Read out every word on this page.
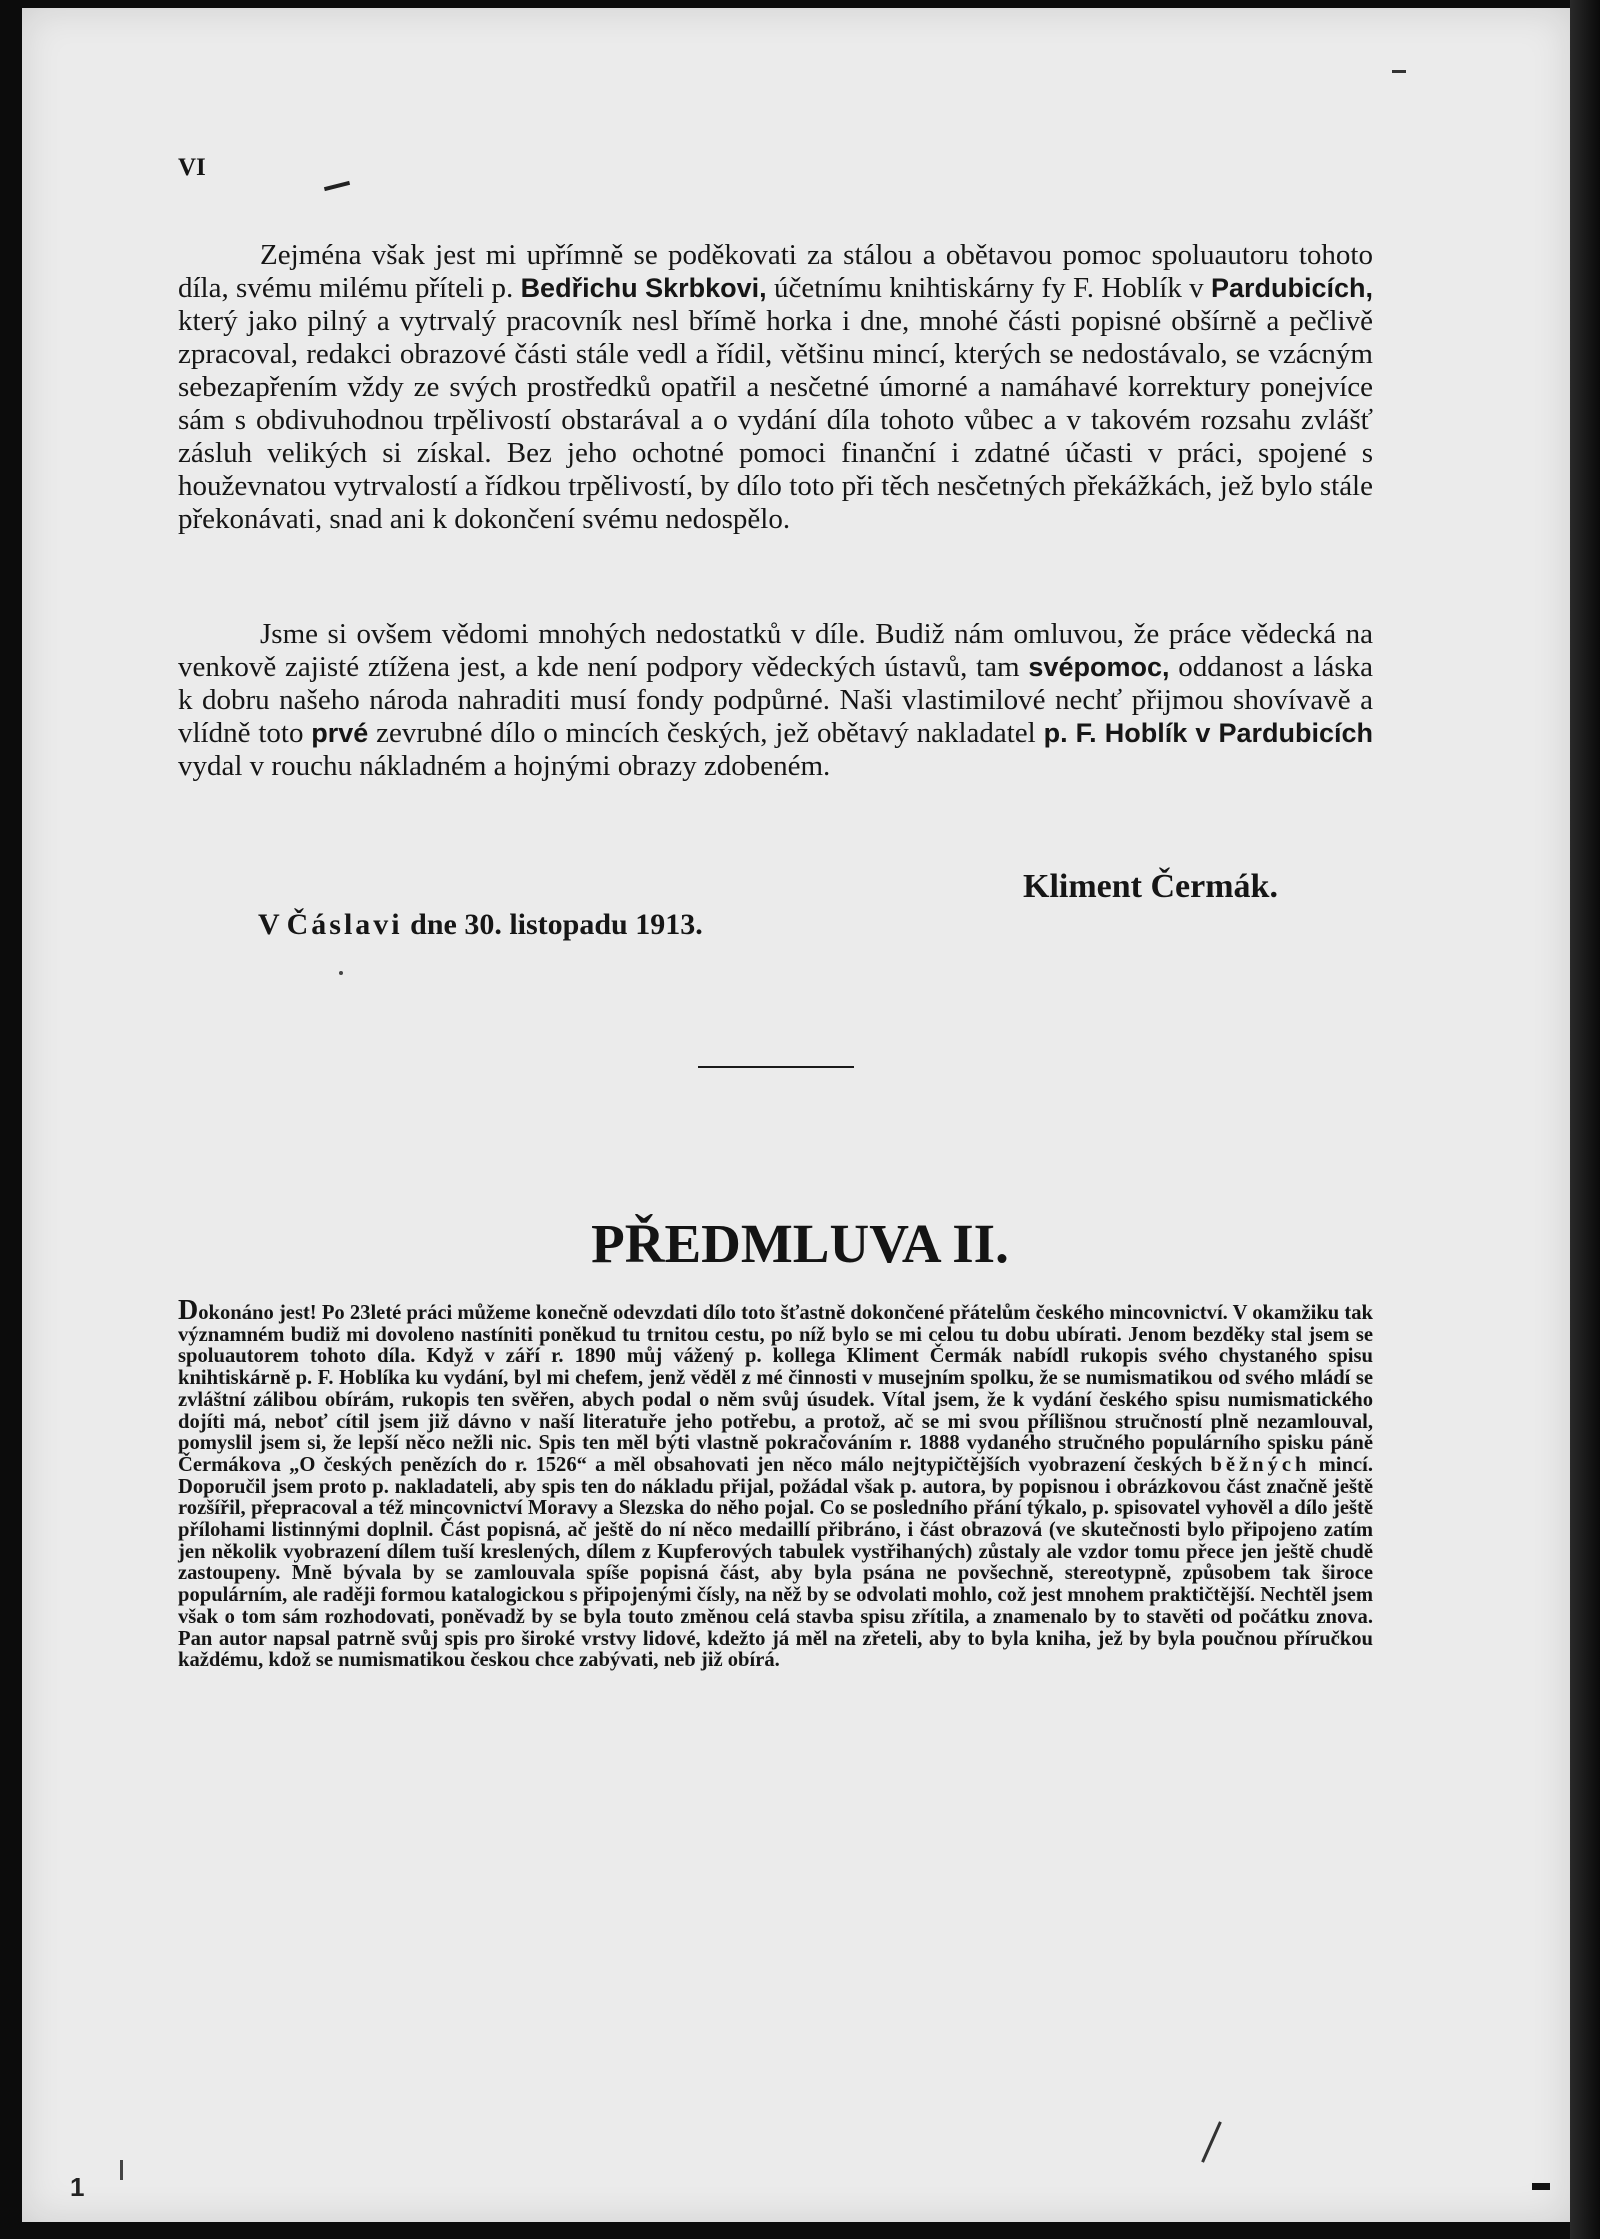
VI

Zejména však jest mi upřímně se poděkovati za stálou a obětavou pomoc spoluautoru tohoto díla, svému milému příteli p. Bedřichu Skrbkovi, účetnímu knihtiskárny fy F. Hoblík v Pardubicích, který jako pilný a vytrvalý pracovník nesl břímě horka i dne, mnohé části popisné obšírně a pečlivě zpracoval, redakci obrazové části stále vedl a řídil, většinu mincí, kterých se nedostávalo, se vzácným sebezapřením vždy ze svých prostředků opatřil a nesčetné úmorné a namáhavé korrektury ponejvíce sám s obdivuhodnou trpělivostí obstarával a o vydání díla tohoto vůbec a v takovém rozsahu zvlášť zásluh velikých si získal. Bez jeho ochotné pomoci finanční i zdatné účasti v práci, spojené s houževnatou vytrvalostí a řídkou trpělivostí, by dílo toto při těch nesčetných překážkách, jež bylo stále překonávati, snad ani k dokončení svému nedospělo.

Jsme si ovšem vědomi mnohých nedostatků v díle. Budiž nám omluvou, že práce vědecká na venkově zajisté ztížena jest, a kde není podpory vědeckých ústavů, tam svépomoc, oddanost a láska k dobru našeho národa nahraditi musí fondy podpůrné. Naši vlastimilové nechť přijmou shovívavě a vlídně toto prvé zevrubné dílo o mincích českých, jež obětavý nakladatel p. F. Hoblík v Pardubicích vydal v rouchu nákladném a hojnými obrazy zdobeném.

Kliment Čermák.
V Čáslavi dne 30. listopadu 1913.
PŘEDMLUVA II.

Dokonáno jest! Po 23leté práci můžeme konečně odevzdati dílo toto šťastně dokončené přátelům českého mincovnictví. V okamžiku tak významném budiž mi dovoleno nastíniti poněkud tu trnitou cestu, po níž bylo se mi celou tu dobu ubírati. Jenom bezděky stal jsem se spoluautorem tohoto díla. Když v září r. 1890 můj vážený p. kollega Kliment Čermák nabídl rukopis svého chystaného spisu knihtiskárně p. F. Hoblíka ku vydání, byl mi chefem, jenž věděl z mé činnosti v musejním spolku, že se numismatikou od svého mládí se zvláštní zálibou obírám, rukopis ten svěřen, abych podal o něm svůj úsudek. Vítal jsem, že k vydání českého spisu numismatického dojíti má, neboť cítil jsem již dávno v naší literatuře jeho potřebu, a protož, ač se mi svou přílišnou stručností plně nezamlouval, pomyslil jsem si, že lepší něco nežli nic. Spis ten měl býti vlastně pokračováním r. 1888 vydaného stručného populárního spisku páně Čermákova „O českých penězích do r. 1526“ a měl obsahovati jen něco málo nejtypičtějších vyobrazení českých běžných mincí. Doporučil jsem proto p. nakladateli, aby spis ten do nákladu přijal, požádal však p. autora, by popisnou i obrázkovou část značně ještě rozšířil, přepracoval a též mincovnictví Moravy a Slezska do něho pojal. Co se posledního přání týkalo, p. spisovatel vyhověl a dílo ještě přílohami listinnými doplnil. Část popisná, ač ještě do ní něco medaillí přibráno, i část obrazová (ve skutečnosti bylo připojeno zatím jen několik vyobrazení dílem tuší kreslených, dílem z Kupferových tabulek vystřihaných) zůstaly ale vzdor tomu přece jen ještě chudě zastoupeny. Mně bývala by se zamlouvala spíše popisná část, aby byla psána ne povšechně, stereotypně, způsobem tak široce populárním, ale raději formou katalogickou s připojenými čísly, na něž by se odvolati mohlo, což jest mnohem praktičtější. Nechtěl jsem však o tom sám rozhodovati, poněvadž by se byla touto změnou celá stavba spisu zřítila, a znamenalo by to stavěti od počátku znova. Pan autor napsal patrně svůj spis pro široké vrstvy lidové, kdežto já měl na zřeteli, aby to byla kniha, jež by byla poučnou příručkou každému, kdož se numismatikou českou chce zabývati, neb již obírá.

1
